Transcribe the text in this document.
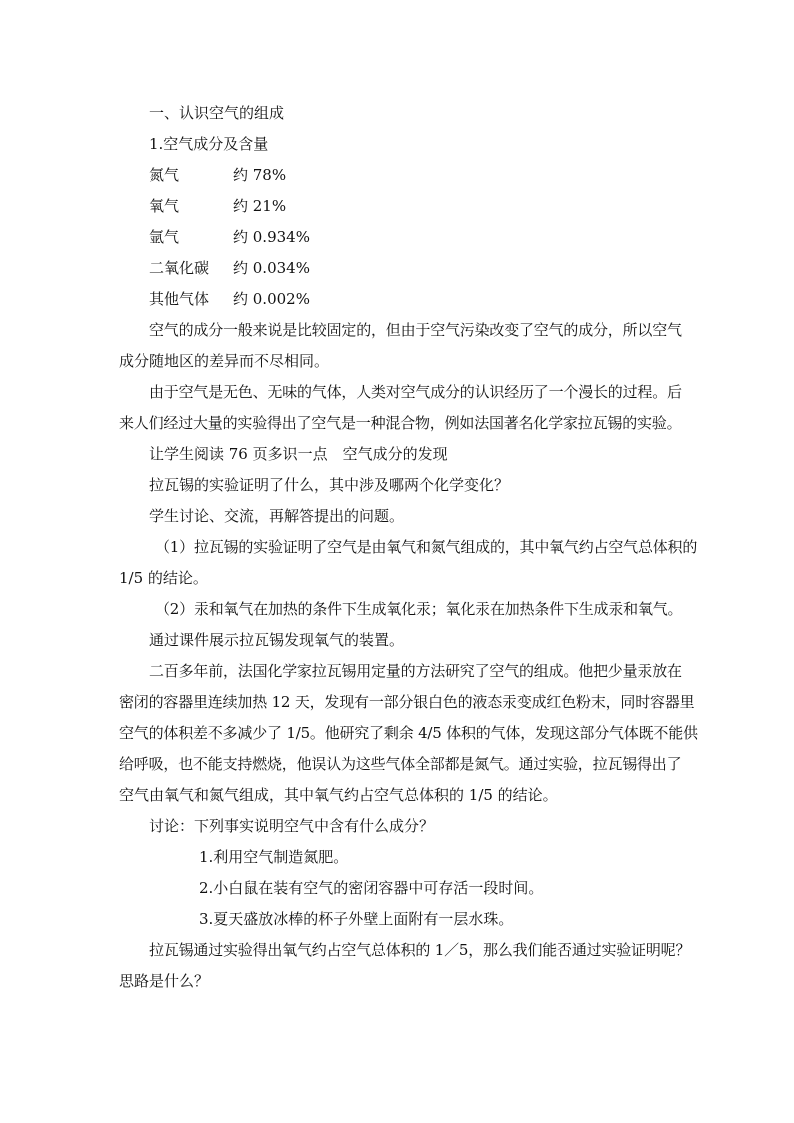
一、认识空气的组成

1.空气成分及含量

氮气	约 78%
氧气	约 21%
氩气	约 0.934%
二氧化碳	约 0.034%
其他气体	约 0.002%

空气的成分一般来说是比较固定的，但由于空气污染改变了空气的成分，所以空气

成分随地区的差异而不尽相同。

由于空气是无色、无味的气体，人类对空气成分的认识经历了一个漫长的过程。后

来人们经过大量的实验得出了空气是一种混合物，例如法国著名化学家拉瓦锡的实验。

让学生阅读 76 页多识一点　空气成分的发现

拉瓦锡的实验证明了什么，其中涉及哪两个化学变化？

学生讨论、交流，再解答提出的问题。

（1）拉瓦锡的实验证明了空气是由氧气和氮气组成的，其中氧气约占空气总体积的

1/5 的结论。

（2）汞和氧气在加热的条件下生成氧化汞；氧化汞在加热条件下生成汞和氧气。

通过课件展示拉瓦锡发现氧气的装置。

二百多年前，法国化学家拉瓦锡用定量的方法研究了空气的组成。他把少量汞放在

密闭的容器里连续加热 12 天，发现有一部分银白色的液态汞变成红色粉末，同时容器里

空气的体积差不多减少了 1/5。他研究了剩余 4/5 体积的气体，发现这部分气体既不能供

给呼吸，也不能支持燃烧，他误认为这些气体全部都是氮气。通过实验，拉瓦锡得出了

空气由氧气和氮气组成，其中氧气约占空气总体积的 1/5 的结论。

讨论：下列事实说明空气中含有什么成分？

1.利用空气制造氮肥。

2.小白鼠在装有空气的密闭容器中可存活一段时间。

3.夏天盛放冰棒的杯子外壁上面附有一层水珠。

拉瓦锡通过实验得出氧气约占空气总体积的 1／5，那么我们能否通过实验证明呢？

思路是什么？
